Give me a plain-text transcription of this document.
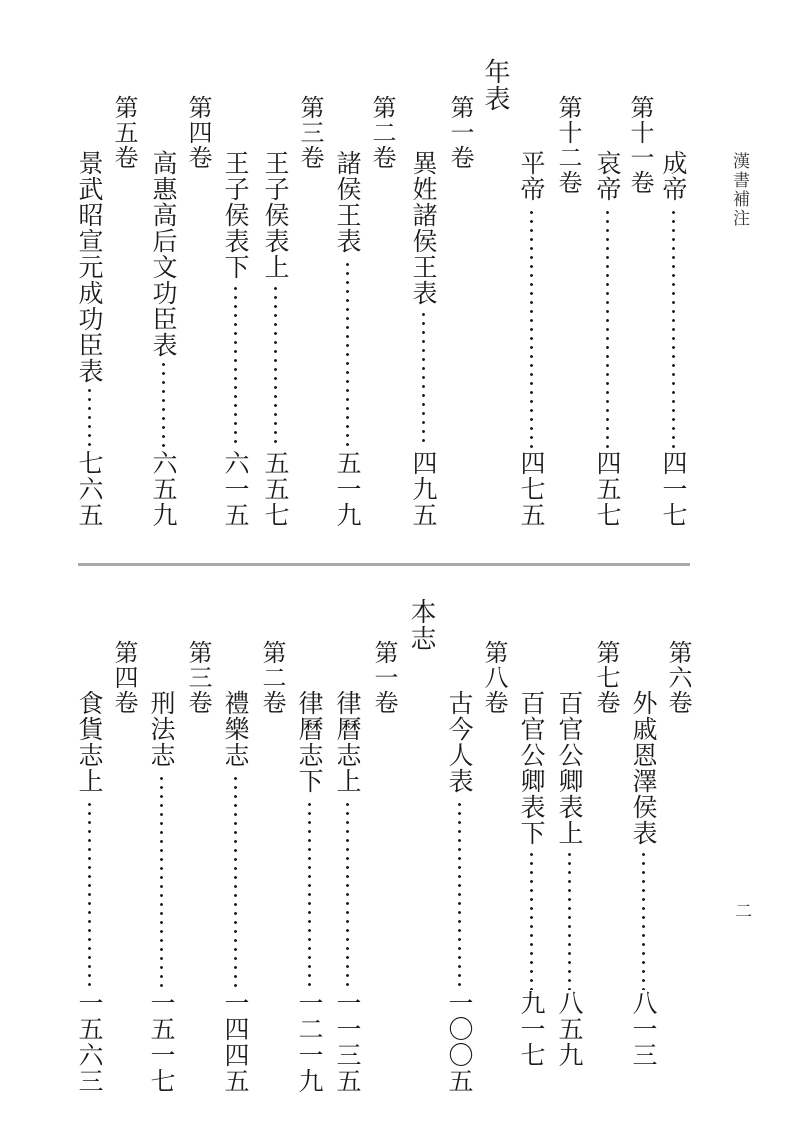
漢書補注
二
成帝
四一七
第十一卷
哀帝
四五七
第十二卷
平帝
四七五
年表
第一卷
異姓諸侯王表
四九五
第二卷
諸侯王表
五一九
第三卷
王子侯表上
五五七
王子侯表下
六一五
第四卷
高惠高后文功臣表
六五九
第五卷
景武昭宣元成功臣表
七六五
第六卷
外戚恩澤侯表
八一三
第七卷
百官公卿表上
八五九
百官公卿表下
九一七
第八卷
古今人表
一〇〇五
本志
第一卷
律曆志上
一一三五
律曆志下
一二一九
第二卷
禮樂志
一四四五
第三卷
刑法志
一五一七
第四卷
食貨志上
一五六三
